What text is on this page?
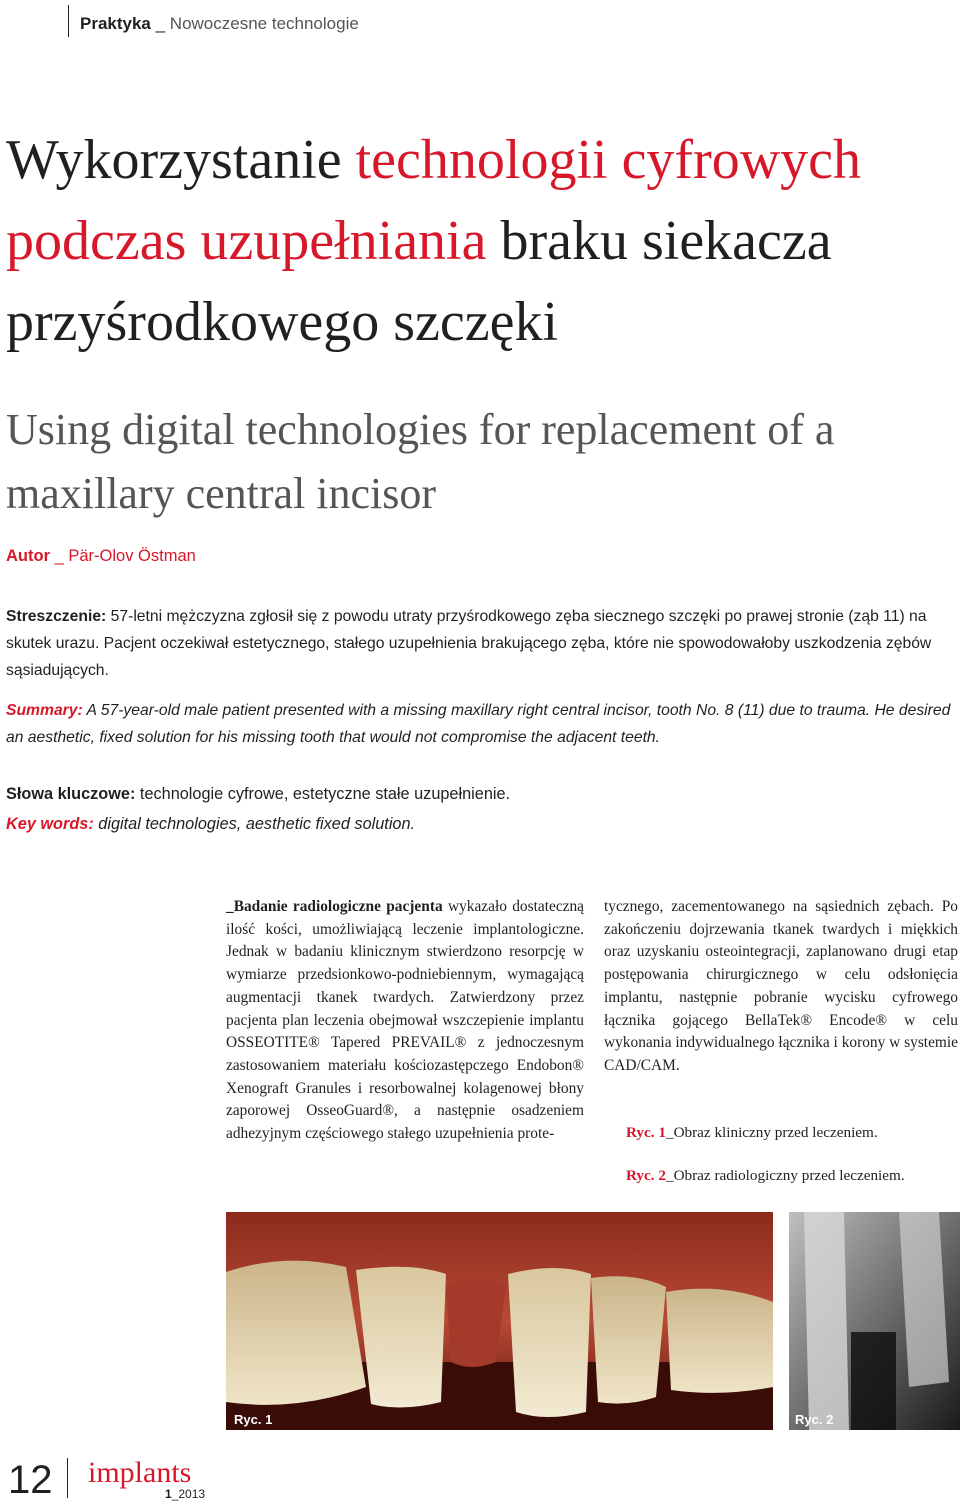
Praktyka _ Nowoczesne technologie
Wykorzystanie technologii cyfrowych podczas uzupełniania braku siekacza przyśrodkowego szczęki
Using digital technologies for replacement of a maxillary central incisor
Autor _ Pär-Olov Östman
Streszczenie: 57-letni mężczyzna zgłosił się z powodu utraty przyśrodkowego zęba siecznego szczęki po prawej stronie (ząb 11) na skutek urazu. Pacjent oczekiwał estetycznego, stałego uzupełnienia brakującego zęba, które nie spowodowałoby uszkodzenia zębów sąsiadujących.
Summary: A 57-year-old male patient presented with a missing maxillary right central incisor, tooth No. 8 (11) due to trauma. He desired an aesthetic, fixed solution for his missing tooth that would not compromise the adjacent teeth.
Słowa kluczowe: technologie cyfrowe, estetyczne stałe uzupełnienie.
Key words: digital technologies, aesthetic fixed solution.
_Badanie radiologiczne pacjenta wykazało dostateczną ilość kości, umożliwiającą leczenie implantologiczne. Jednak w badaniu klinicznym stwierdzono resorpcję w wymiarze przedsionkowo-podniebiennym, wymagającą augmentacji tkanek twardych. Zatwierdzony przez pacjenta plan leczenia obejmował wszczepienie implantu OSSEOTITE® Tapered PREVAIL® z jednoczesnym zastosowaniem materiału kościozastępczego Endobon® Xenograft Granules i resorbowalnej kolagenowej błony zaporowej OsseoGuard®, a następnie osadzeniem adhezyjnym częściowego stałego uzupełnienia prote-
tycznego, zacementowanego na sąsiednich zębach. Po zakończeniu dojrzewania tkanek twardych i miękkich oraz uzyskaniu osteointegracji, zaplanowano drugi etap postępowania chirurgicznego w celu odsłonięcia implantu, następnie pobranie wycisku cyfrowego łącznika gojącego BellaTek® Encode® w celu wykonania indywidualnego łącznika i korony w systemie CAD/CAM.
Ryc. 1_Obraz kliniczny przed leczeniem.
Ryc. 2_Obraz radiologiczny przed leczeniem.
Ryc. 1	Ryc. 2
12 implants
1_2013
